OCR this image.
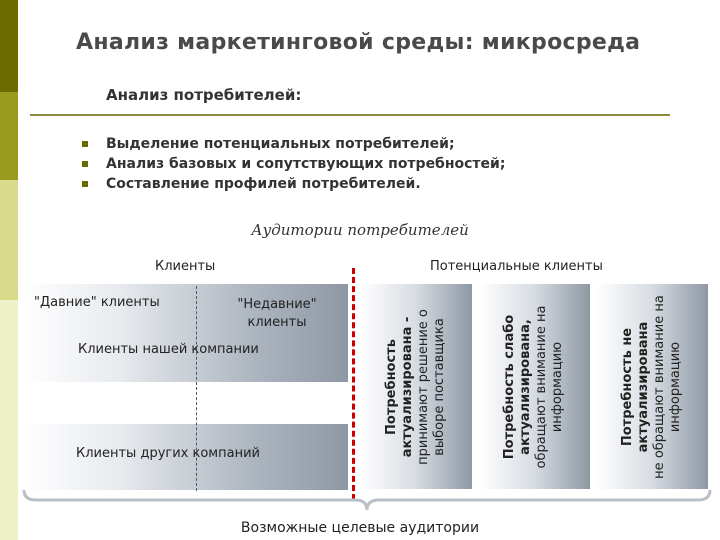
Анализ маркетинговой среды: микросреда
Анализ потребителей:
Выделение потенциальных потребителей;
Анализ базовых и сопутствующих потребностей;
Составление профилей потребителей.
Аудитории потребителей
Клиенты	Потенциальные клиенты
"Давние" клиенты	"Недавние" клиенты
Клиенты нашей компании
Клиенты других компаний
Потребность актуализирована -
принимают решение о выборе поставщика	Потребность слабо актуализирована,
обращают внимание на информацию	Потребность не актуализирована
не обращают внимание на информацию
Возможные целевые аудитории
